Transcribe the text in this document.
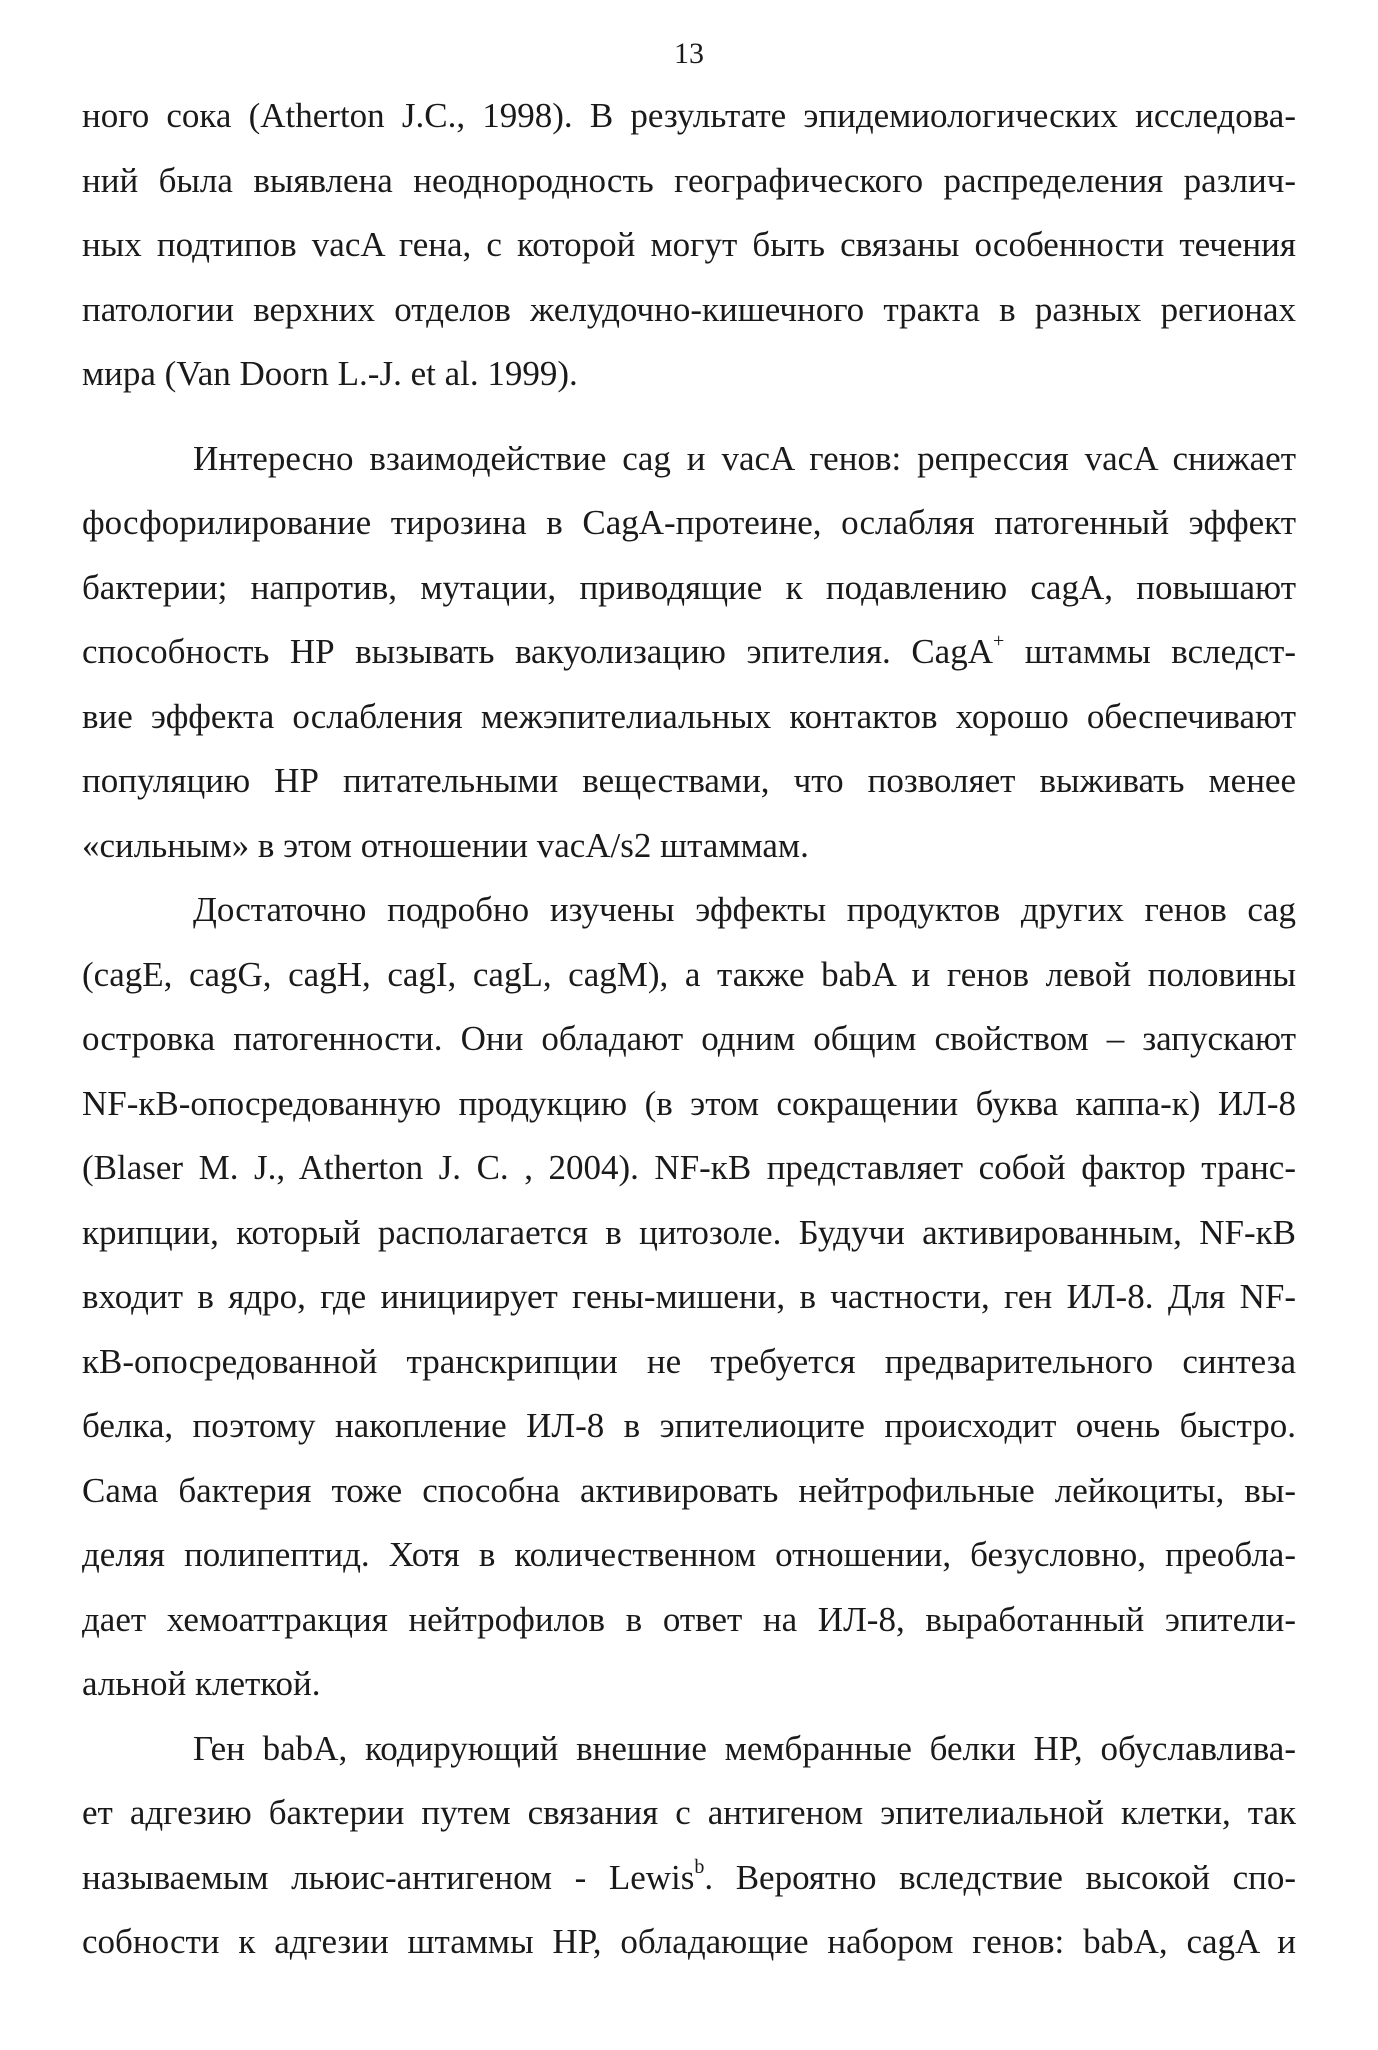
13
ного сока (Atherton J.C., 1998). В результате эпидемиологических исследова-
ний была выявлена неоднородность географического распределения различ-
ных подтипов vacA гена, с которой могут быть связаны особенности течения
патологии верхних отделов желудочно-кишечного тракта в разных регионах
мира (Van Doorn L.-J. et al. 1999).
Интересно взаимодействие cag и vacA генов: репрессия vacA снижает
фосфорилирование тирозина в CagA-протеине, ослабляя патогенный эффект
бактерии; напротив, мутации, приводящие к подавлению cagA, повышают
способность НР вызывать вакуолизацию эпителия. CagA+ штаммы вследст-
вие эффекта ослабления межэпителиальных контактов хорошо обеспечивают
популяцию НР питательными веществами, что позволяет выживать менее
«сильным» в этом отношении vacA/s2 штаммам.
Достаточно подробно изучены эффекты продуктов других генов cag
(cagE, cagG, cagH, cagI, cagL, cagM), а также babA и генов левой половины
островка патогенности. Они обладают одним общим свойством – запускают
NF-кВ-опосредованную продукцию (в этом сокращении буква каппа-к) ИЛ-8
(Blaser M. J., Atherton J. C. , 2004). NF-кВ представляет собой фактор транс-
крипции, который располагается в цитозоле. Будучи активированным, NF-кВ
входит в ядро, где инициирует гены-мишени, в частности, ген ИЛ-8. Для NF-
кВ-опосредованной транскрипции не требуется предварительного синтеза
белка, поэтому накопление ИЛ-8 в эпителиоците происходит очень быстро.
Сама бактерия тоже способна активировать нейтрофильные лейкоциты, вы-
деляя полипептид. Хотя в количественном отношении, безусловно, преобла-
дает хемоаттракция нейтрофилов в ответ на ИЛ-8, выработанный эпители-
альной клеткой.
Ген babA, кодирующий внешние мембранные белки НР, обуславлива-
ет адгезию бактерии путем связания с антигеном эпителиальной клетки, так
называемым льюис-антигеном - Lewis$^b$. Вероятно вследствие высокой спо-
собности к адгезии штаммы НР, обладающие набором генов: babA, cagA и
